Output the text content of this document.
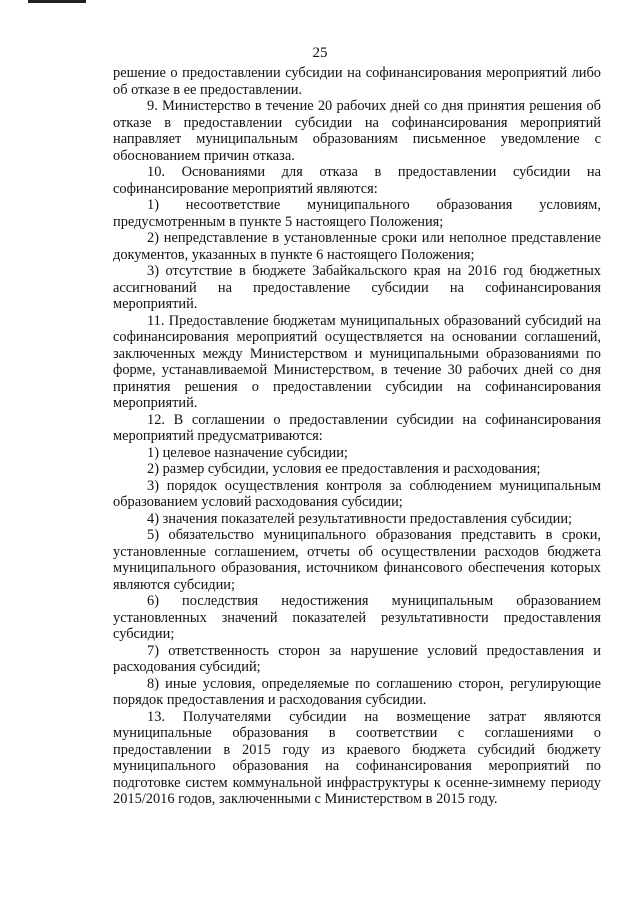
25

решение о предоставлении субсидии на софинансирования мероприятий либо об отказе в ее предоставлении.

9. Министерство в течение 20 рабочих дней со дня принятия решения об отказе в предоставлении субсидии на софинансирования мероприятий направляет муниципальным образованиям письменное уведомление с обоснованием причин отказа.

10. Основаниями для отказа в предоставлении субсидии на софинансирование мероприятий являются:

1) несоответствие муниципального образования условиям, предусмотренным в пункте 5 настоящего Положения;

2) непредставление в установленные сроки или неполное представление документов, указанных в пункте 6 настоящего Положения;

3) отсутствие в бюджете Забайкальского края на 2016 год бюджетных ассигнований на предоставление субсидии на софинансирования мероприятий.

11. Предоставление бюджетам муниципальных образований субсидий на софинансирования мероприятий осуществляется на основании соглашений, заключенных между Министерством и муниципальными образованиями по форме, устанавливаемой Министерством, в течение 30 рабочих дней со дня принятия решения о предоставлении субсидии на софинансирования мероприятий.

12. В соглашении о предоставлении субсидии на софинансирования мероприятий предусматриваются:

1) целевое назначение субсидии;

2) размер субсидии, условия ее предоставления и расходования;

3) порядок осуществления контроля за соблюдением муниципальным образованием условий расходования субсидии;

4) значения показателей результативности предоставления субсидии;

5) обязательство муниципального образования представить в сроки, установленные соглашением, отчеты об осуществлении расходов бюджета муниципального образования, источником финансового обеспечения которых являются субсидии;

6) последствия недостижения муниципальным образованием установленных значений показателей результативности предоставления субсидии;

7) ответственность сторон за нарушение условий предоставления и расходования субсидий;

8) иные условия, определяемые по соглашению сторон, регулирующие порядок предоставления и расходования субсидии.

13. Получателями субсидии на возмещение затрат являются муниципальные образования в соответствии с соглашениями о предоставлении в 2015 году из краевого бюджета субсидий бюджету муниципального образования на софинансирования мероприятий по подготовке систем коммунальной инфраструктуры к осенне-зимнему периоду 2015/2016 годов, заключенными с Министерством в 2015 году.
